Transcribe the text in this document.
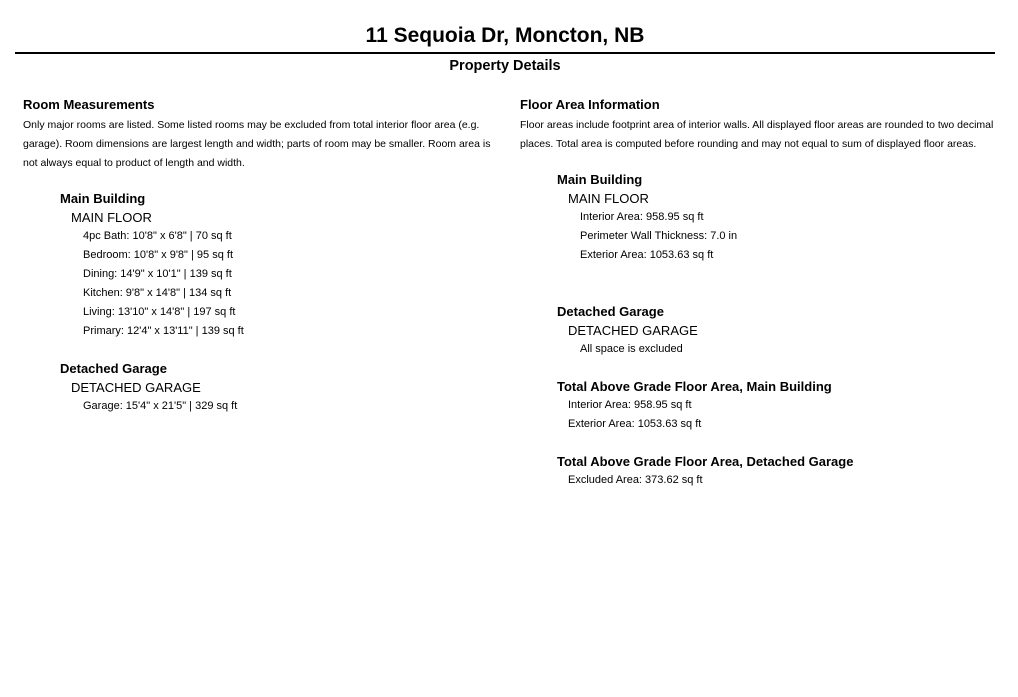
11 Sequoia Dr, Moncton, NB
Property Details
Room Measurements
Only major rooms are listed. Some listed rooms may be excluded from total interior floor area (e.g. garage). Room dimensions are largest length and width; parts of room may be smaller. Room area is not always equal to product of length and width.
Main Building
MAIN FLOOR
4pc Bath: 10'8" x 6'8" | 70 sq ft
Bedroom: 10'8" x 9'8" | 95 sq ft
Dining: 14'9" x 10'1" | 139 sq ft
Kitchen: 9'8" x 14'8" | 134 sq ft
Living: 13'10" x 14'8" | 197 sq ft
Primary: 12'4" x 13'11" | 139 sq ft
Detached Garage
DETACHED GARAGE
Garage: 15'4" x 21'5" | 329 sq ft
Floor Area Information
Floor areas include footprint area of interior walls. All displayed floor areas are rounded to two decimal places. Total area is computed before rounding and may not equal to sum of displayed floor areas.
Main Building
MAIN FLOOR
Interior Area: 958.95 sq ft
Perimeter Wall Thickness: 7.0 in
Exterior Area: 1053.63 sq ft
Detached Garage
DETACHED GARAGE
All space is excluded
Total Above Grade Floor Area, Main Building
Interior Area: 958.95 sq ft
Exterior Area: 1053.63 sq ft
Total Above Grade Floor Area, Detached Garage
Excluded Area: 373.62 sq ft
